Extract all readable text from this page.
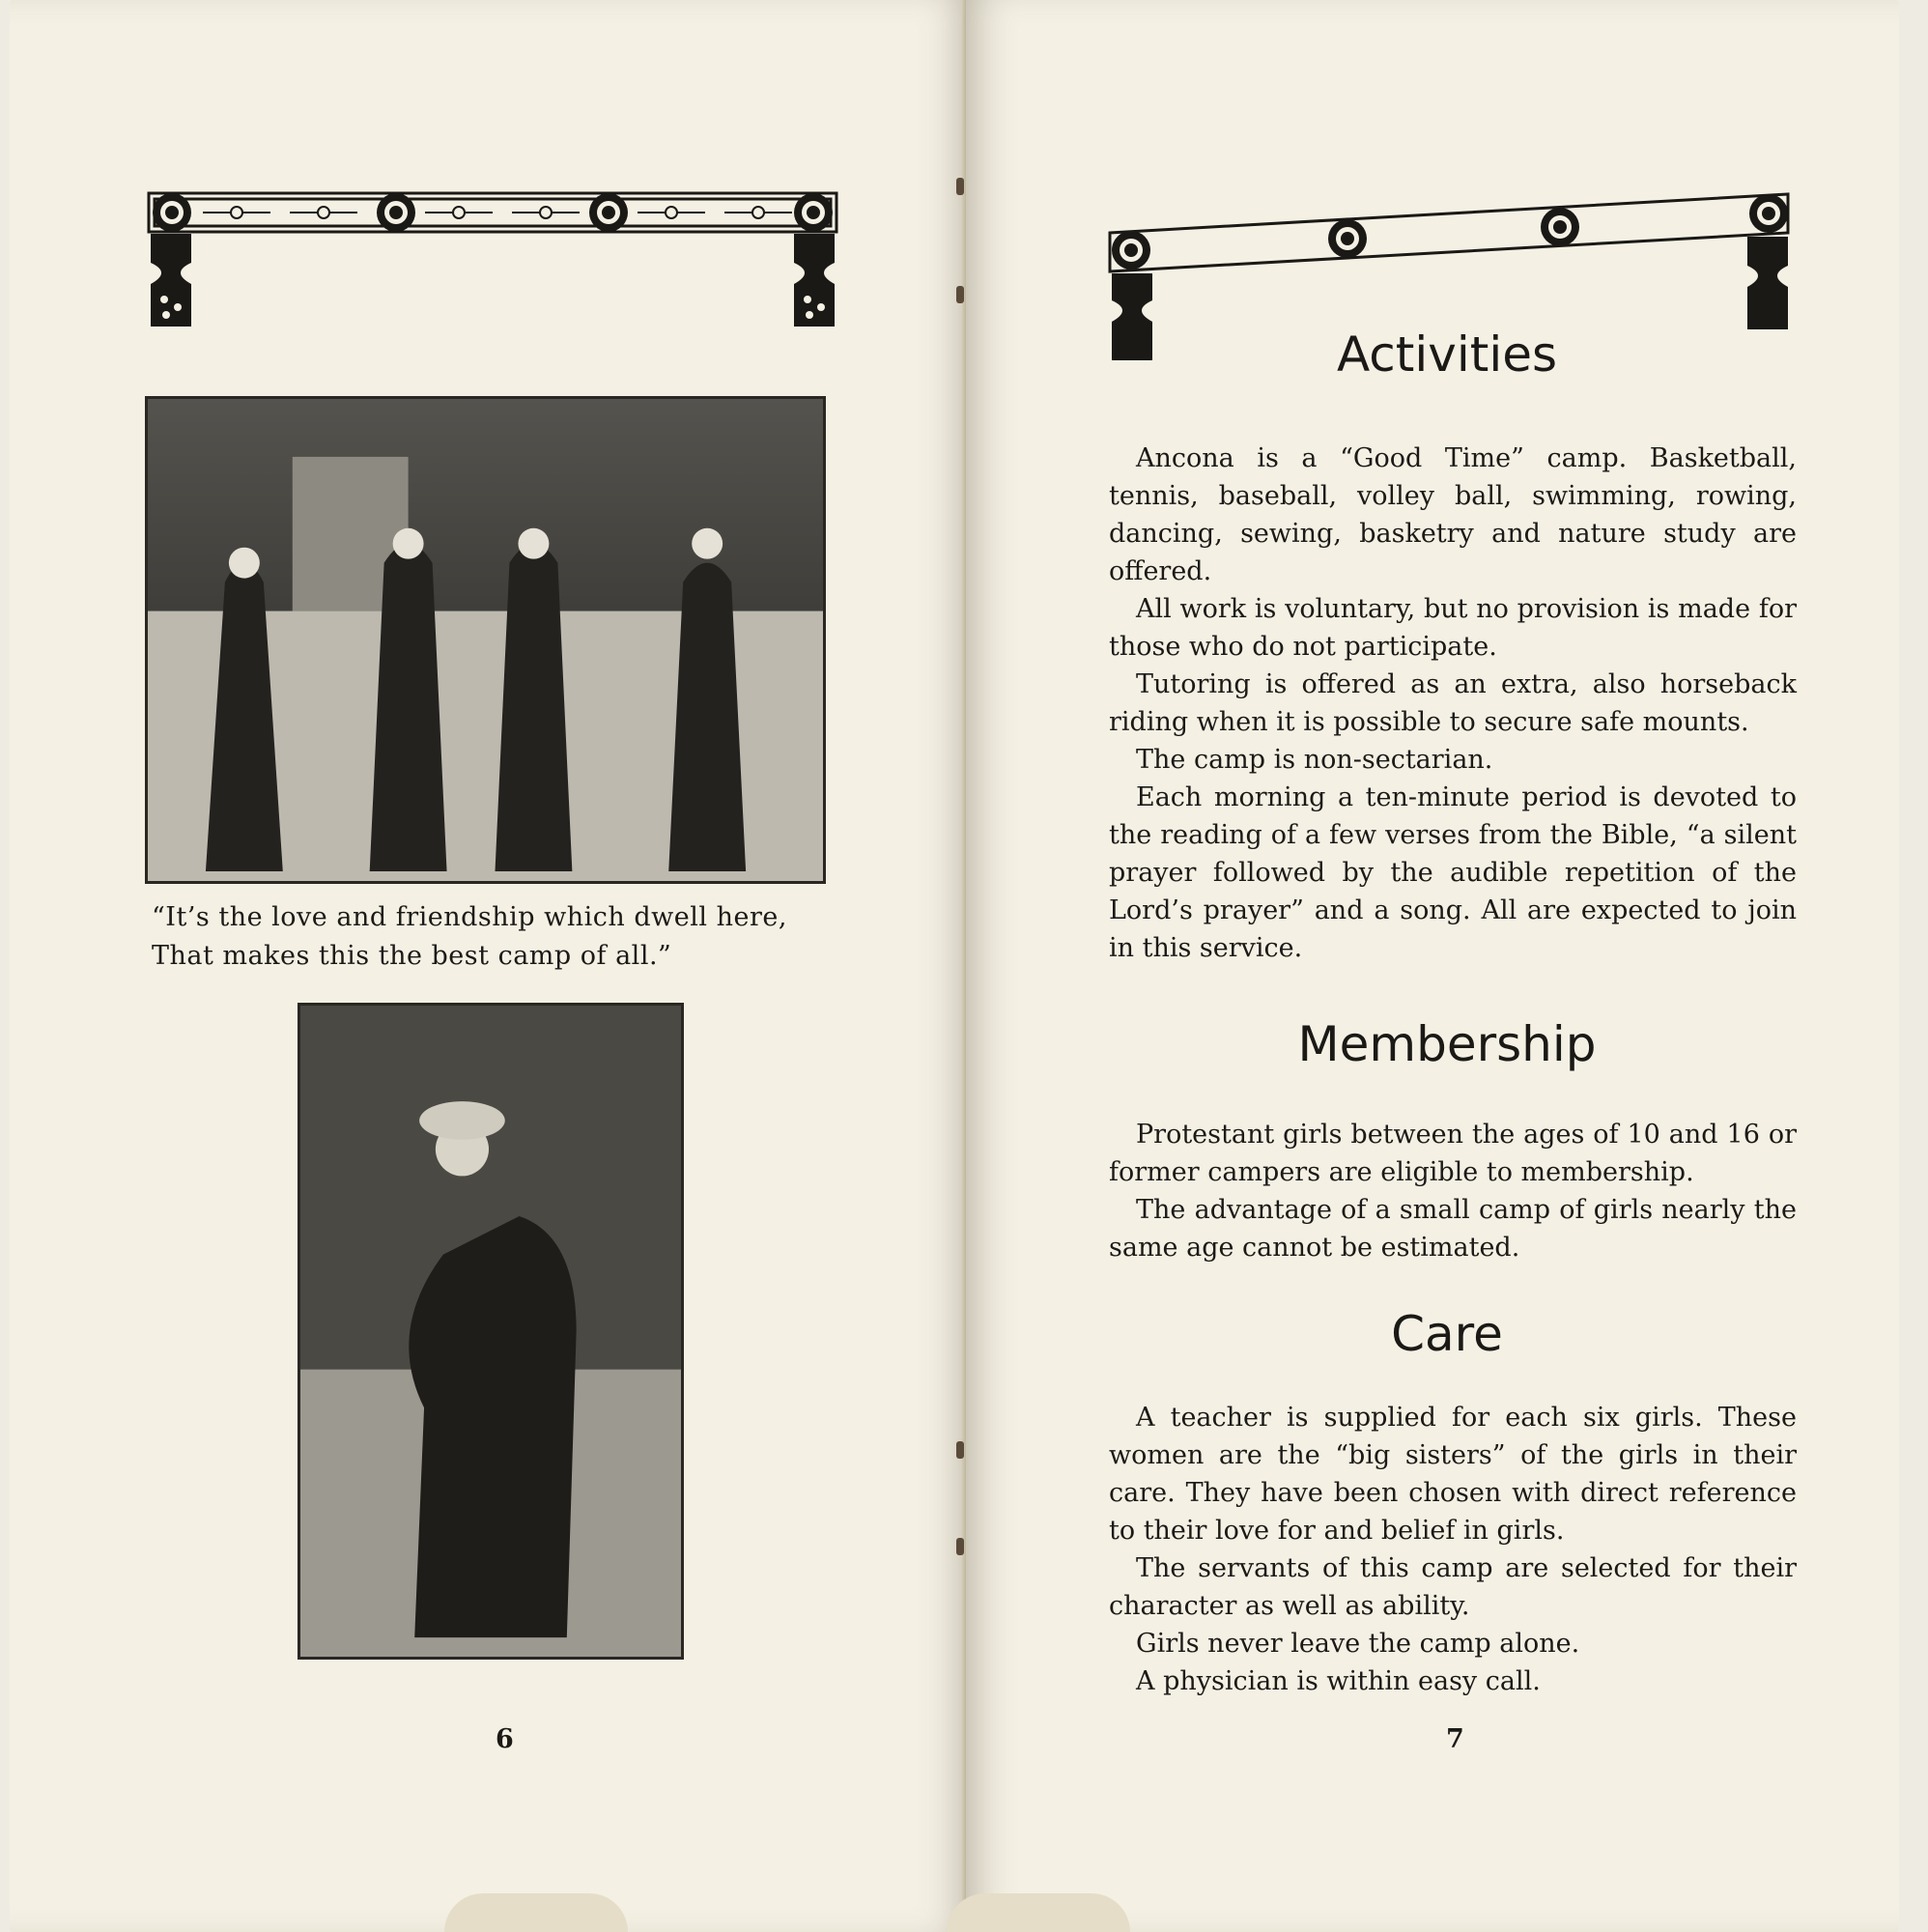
“It’s the love and friendship which dwell here,
That makes this the best camp of all.”
6
Activities

Ancona is a “Good Time” camp. Basketball, tennis, baseball, volley ball, swimming, rowing, dancing, sewing, basketry and nature study are offered.

All work is voluntary, but no provision is made for those who do not participate.

Tutoring is offered as an extra, also horseback riding when it is possible to secure safe mounts.

The camp is non-sectarian.

Each morning a ten-minute period is devoted to the reading of a few verses from the Bible, “a silent prayer followed by the audible repetition of the Lord’s prayer” and a song. All are expected to join in this service.

Membership

Protestant girls between the ages of 10 and 16 or former campers are eligible to membership.

The advantage of a small camp of girls nearly the same age cannot be estimated.

Care

A teacher is supplied for each six girls. These women are the “big sisters” of the girls in their care. They have been chosen with direct reference to their love for and belief in girls.

The servants of this camp are selected for their character as well as ability.

Girls never leave the camp alone.

A physician is within easy call.

7
